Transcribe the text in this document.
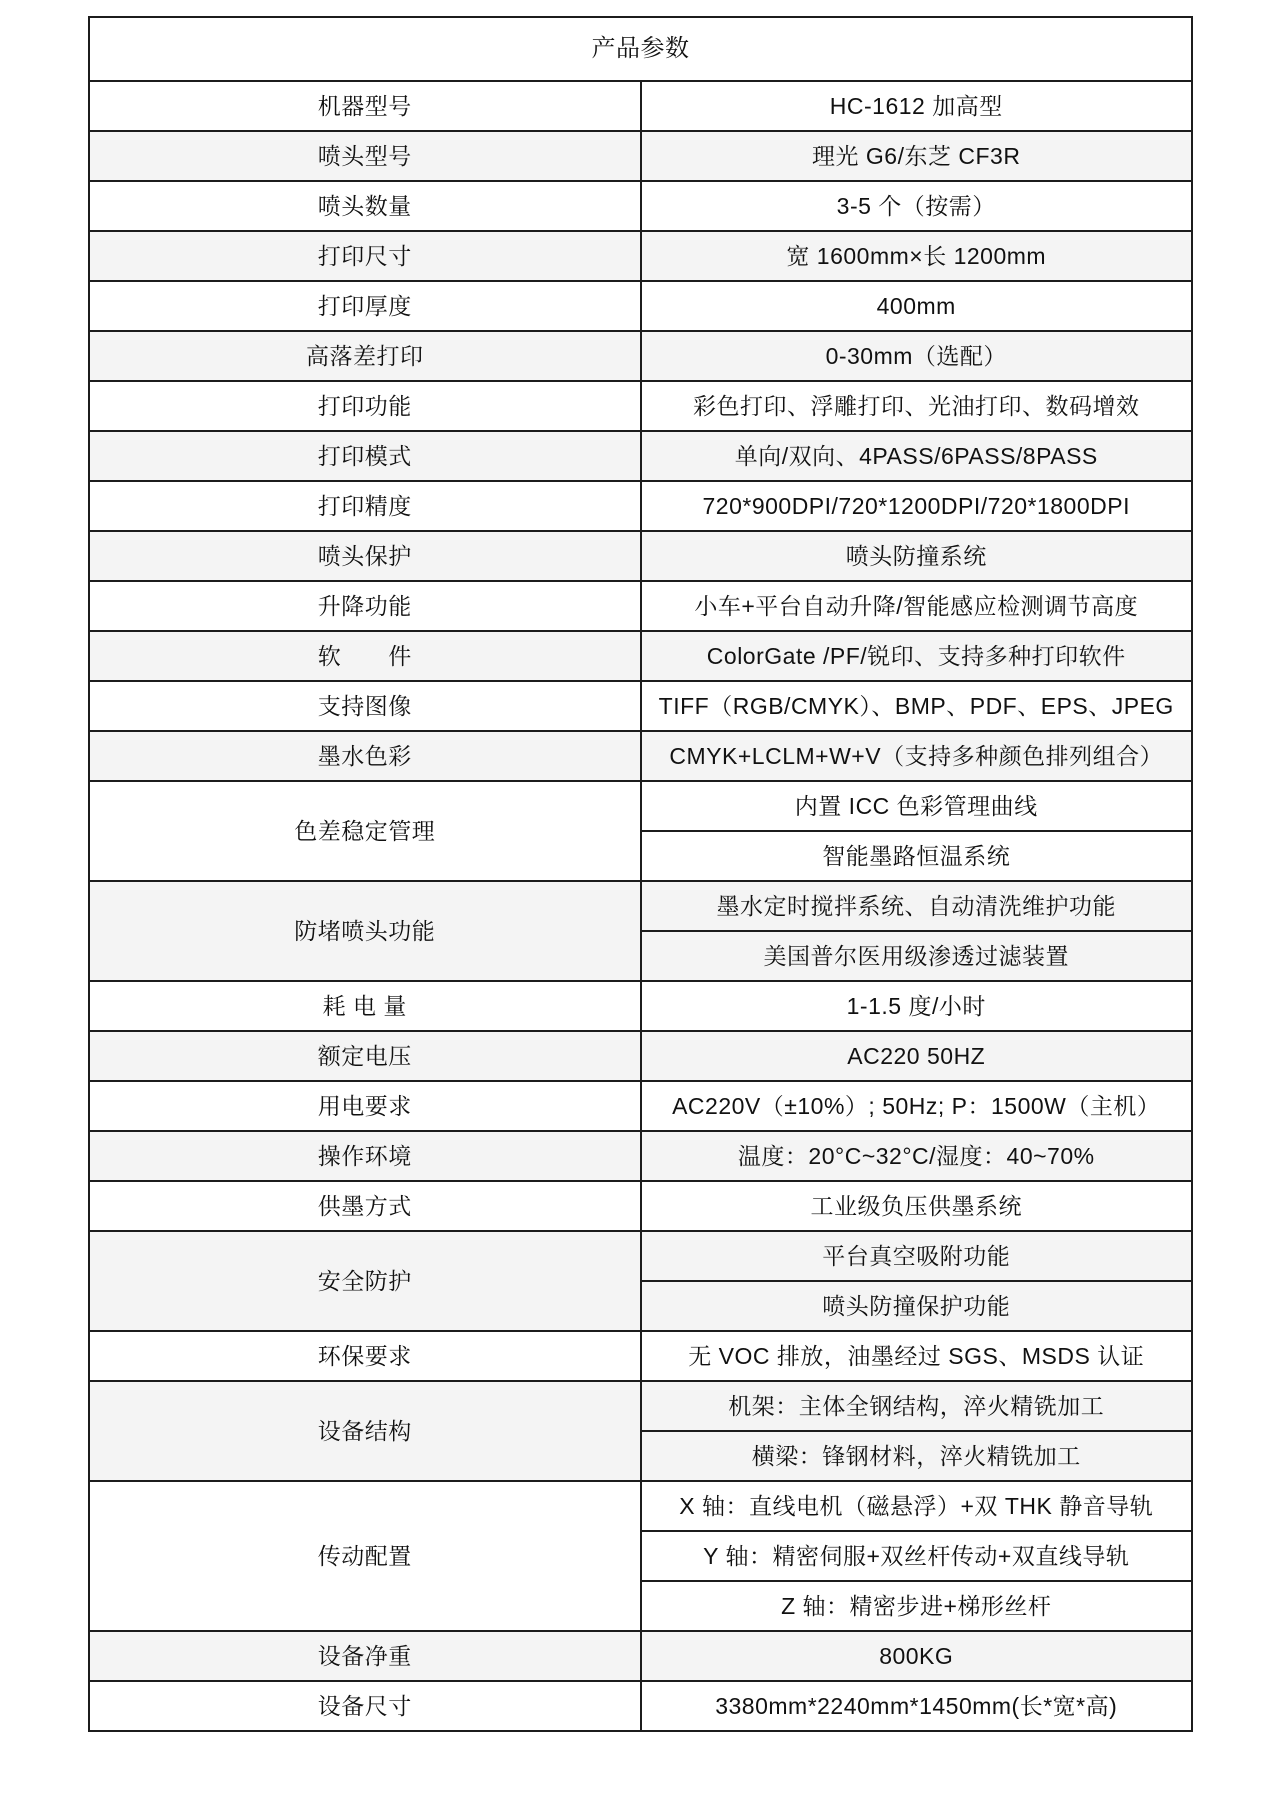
产品参数	
机器型号	HC-1612 加高型
喷头型号	理光 G6/东芝 CF3R
喷头数量	3-5 个（按需）
打印尺寸	宽 1600mm×长 1200mm
打印厚度	400mm
高落差打印	0-30mm（选配）
打印功能	彩色打印、浮雕打印、光油打印、数码增效
打印模式	单向/双向、4PASS/6PASS/8PASS
打印精度	720*900DPI/720*1200DPI/720*1800DPI
喷头保护	喷头防撞系统
升降功能	小车+平台自动升降/智能感应检测调节高度
软　　件	ColorGate /PF/锐印、支持多种打印软件
支持图像	TIFF（RGB/CMYK）、BMP、PDF、EPS、JPEG
墨水色彩	CMYK+LCLM+W+V（支持多种颜色排列组合）
色差稳定管理	内置 ICC 色彩管理曲线
	智能墨路恒温系统
防堵喷头功能	墨水定时搅拌系统、自动清洗维护功能
	美国普尔医用级渗透过滤装置
耗 电 量	1-1.5 度/小时
额定电压	AC220 50HZ
用电要求	AC220V（±10%）; 50Hz; P：1500W（主机）
操作环境	温度：20°C~32°C/湿度：40~70%
供墨方式	工业级负压供墨系统
安全防护	平台真空吸附功能
	喷头防撞保护功能
环保要求	无 VOC 排放，油墨经过 SGS、MSDS 认证
设备结构	机架：主体全钢结构，淬火精铣加工
	横梁：锋钢材料，淬火精铣加工
传动配置	X 轴：直线电机（磁悬浮）+双 THK 静音导轨
	Y 轴：精密伺服+双丝杆传动+双直线导轨
	Z 轴：精密步进+梯形丝杆
设备净重	800KG
设备尺寸	3380mm*2240mm*1450mm(长*宽*高)
